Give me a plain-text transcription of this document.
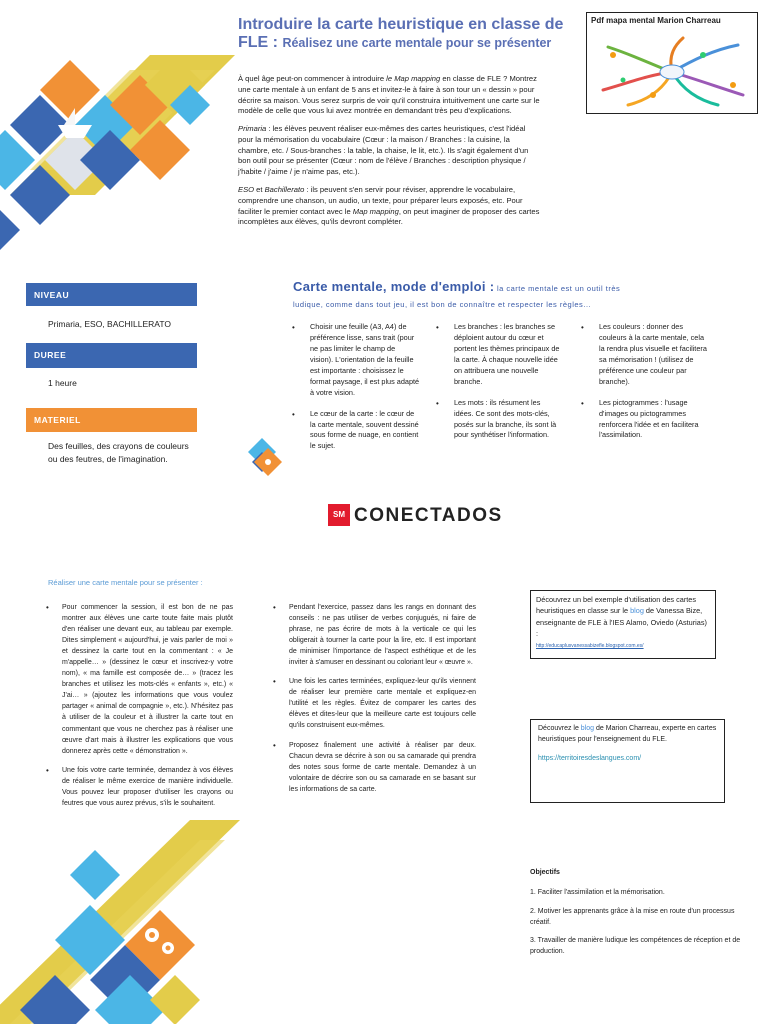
Introduire la carte heuristique en classe de
FLE : Réalisez une carte mentale pour se présenter

À quel âge peut-on commencer à introduire le Map mapping en classe de FLE ? Montrez une carte mentale à un enfant de 5 ans et invitez-le à faire à son tour un « dessin » pour décrire sa maison. Vous serez surpris de voir qu'il construira intuitivement une carte sur le modèle de celle que vous lui avez montrée en demandant très peu d'explications.

Primaria : les élèves peuvent réaliser eux-mêmes des cartes heuristiques, c'est l'idéal pour la mémorisation du vocabulaire (Cœur : la maison / Branches : la cuisine, la chambre, etc. / Sous-branches : la table, la chaise, le lit, etc.). Ils s'agit également d'un bon outil pour se présenter (Cœur : nom de l'élève / Branches : description physique / j'habite / j'aime / je n'aime pas, etc.).

ESO et Bachillerato : ils peuvent s'en servir pour réviser, apprendre le vocabulaire, comprendre une chanson, un audio, un texte, pour préparer leurs exposés, etc. Pour faciliter le premier contact avec le Map mapping, on peut imaginer de proposer des cartes incomplètes aux élèves, qu'ils devront compléter.

Pdf mapa mental Marion Charreau
NIVEAU
Primaria, ESO, BACHILLERATO
DUREE
1 heure
MATERIEL
Des feuilles, des crayons de couleurs ou des feutres, de l'imagination.
Carte mentale, mode d'emploi : la carte mentale est un outil très
ludique, comme dans tout jeu, il est bon de connaître et respecter les règles…
• Choisir une feuille (A3, A4) de préférence lisse, sans trait (pour ne pas limiter le champ de vision). L'orientation de la feuille est importante : choisissez le format paysage, il est plus adapté à votre vision.
• Le cœur de la carte : le cœur de la carte mentale, souvent dessiné sous forme de nuage, en contient le sujet.
• Les branches : les branches se déploient autour du cœur et portent les thèmes principaux de la carte. À chaque nouvelle idée on attribuera une nouvelle branche.
• Les mots : ils résument les idées. Ce sont des mots-clés, posés sur la branche, ils sont là pour synthétiser l'information.
• Les couleurs : donner des couleurs à la carte mentale, cela la rendra plus visuelle et facilitera sa mémorisation ! (utilisez de préférence une couleur par branche).
• Les pictogrammes : l'usage d'images ou pictogrammes renforcera l'idée et en facilitera l'assimilation.
SM CONECTADOS
Réaliser une carte mentale pour se présenter :
• Pour commencer la session, il est bon de ne pas montrer aux élèves une carte toute faite mais plutôt d'en réaliser une devant eux, au tableau par exemple. Dites simplement « aujourd'hui, je vais parler de moi » et dessinez la carte tout en la commentant : « Je m'appelle… » (dessinez le cœur et inscrivez-y votre nom), « ma famille est composée de… » (tracez les branches et utilisez les mots-clés « enfants », etc.) « J'ai… » (ajoutez les informations que vous voulez partager « animal de compagnie », etc.). N'hésitez pas à utiliser de la couleur et à illustrer la carte tout en commentant que vous ne cherchez pas à réaliser une œuvre d'art mais à illustrer les explications que vous donnerez après cette « démonstration ».
• Une fois votre carte terminée, demandez à vos élèves de réaliser le même exercice de manière individuelle. Vous pouvez leur proposer d'utiliser les crayons ou feutres que vous aurez prévus, s'ils le souhaitent.
• Pendant l'exercice, passez dans les rangs en donnant des conseils : ne pas utiliser de verbes conjugués, ni faire de phrase, ne pas écrire de mots à la verticale ce qui les obligerait à tourner la carte pour la lire, etc. Il est important de minimiser l'importance de l'aspect esthétique et de les inviter à s'amuser en dessinant ou coloriant leur « œuvre ».
• Une fois les cartes terminées, expliquez-leur qu'ils viennent de réaliser leur première carte mentale et expliquez-en l'utilité et les règles. Évitez de comparer les cartes des élèves et dites-leur que la meilleure carte est toujours celle qu'ils construisent eux-mêmes.
• Proposez finalement une activité à réaliser par deux. Chacun devra se décrire à son ou sa camarade qui prendra des notes sous forme de carte mentale. Demandez à un volontaire de décrire son ou sa camarade en se basant sur les informations de sa carte.
Découvrez un bel exemple d'utilisation des cartes heuristiques en classe sur le blog de Vanessa Bize, enseignante de FLE à l'IES Alamo, Oviedo (Asturias) :
http://educaplusvanessabizefle.blogspot.com.es/
Découvrez le blog de Marion Charreau, experte en cartes heuristiques pour l'enseignement du FLE.
https://territoiresdeslangues.com/
Objectifs

1. Faciliter l'assimilation et la mémorisation.

2. Motiver les apprenants grâce à la mise en route d'un processus créatif.

3. Travailler de manière ludique les compétences de réception et de production.
